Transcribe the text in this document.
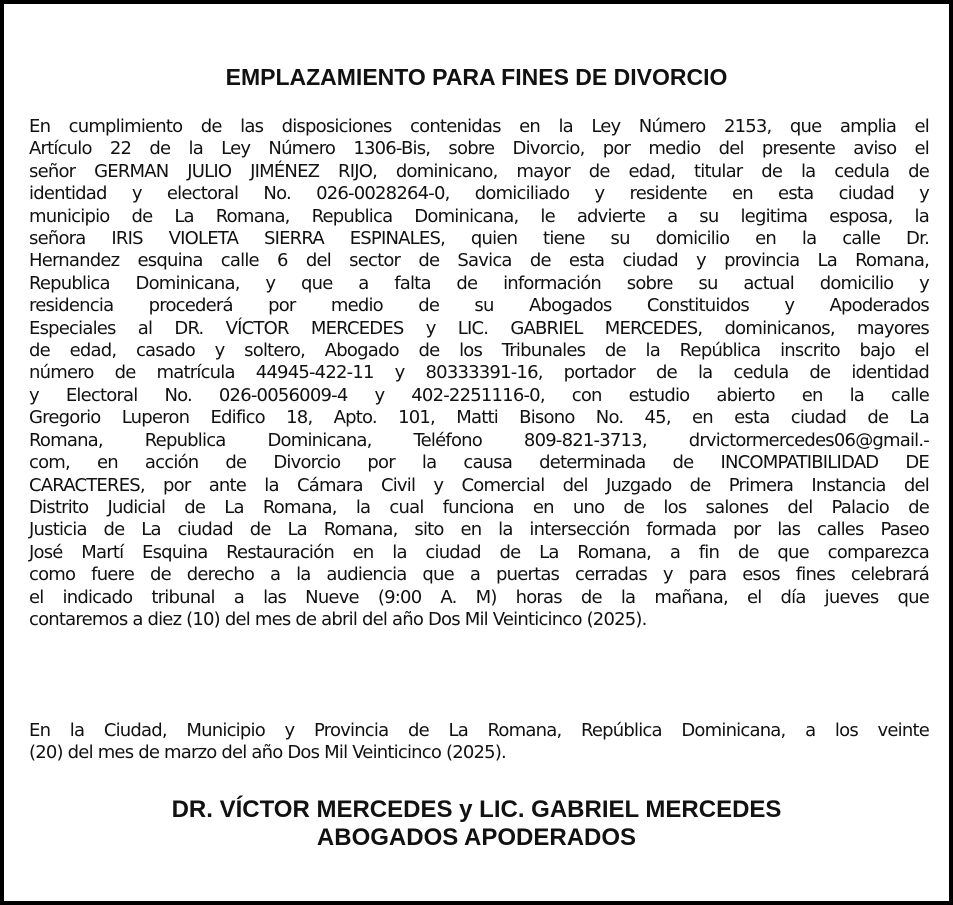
EMPLAZAMIENTO PARA FINES DE DIVORCIO

En cumplimiento de las disposiciones contenidas en la Ley Número 2153, que amplia el
Artículo 22 de la Ley Número 1306-Bis, sobre Divorcio, por medio del presente aviso el
señor GERMAN JULIO JIMÉNEZ RIJO, dominicano, mayor de edad, titular de la cedula de
identidad y electoral No. 026-0028264-0, domiciliado y residente en esta ciudad y
municipio de La Romana, Republica Dominicana, le advierte a su legitima esposa, la
señora IRIS VIOLETA SIERRA ESPINALES, quien tiene su domicilio en la calle Dr.
Hernandez esquina calle 6 del sector de Savica de esta ciudad y provincia La Romana,
Republica Dominicana, y que a falta de información sobre su actual domicilio y
residencia procederá por medio de su Abogados Constituidos y Apoderados
Especiales al DR. VÍCTOR MERCEDES y LIC. GABRIEL MERCEDES, dominicanos, mayores
de edad, casado y soltero, Abogado de los Tribunales de la República inscrito bajo el
número de matrícula 44945-422-11 y 80333391-16, portador de la cedula de identidad
y Electoral No. 026-0056009-4 y 402-2251116-0, con estudio abierto en la calle
Gregorio Luperon Edifico 18, Apto. 101, Matti Bisono No. 45, en esta ciudad de La
Romana, Republica Dominicana, Teléfono 809-821-3713, drvictormercedes06@gmail.-
com, en acción de Divorcio por la causa determinada de INCOMPATIBILIDAD DE
CARACTERES, por ante la Cámara Civil y Comercial del Juzgado de Primera Instancia del
Distrito Judicial de La Romana, la cual funciona en uno de los salones del Palacio de
Justicia de La ciudad de La Romana, sito en la intersección formada por las calles Paseo
José Martí Esquina Restauración en la ciudad de La Romana, a fin de que comparezca
como fuere de derecho a la audiencia que a puertas cerradas y para esos fines celebrará
el indicado tribunal a las Nueve (9:00 A. M) horas de la mañana, el día jueves que
contaremos a diez (10) del mes de abril del año Dos Mil Veinticinco (2025).

En la Ciudad, Municipio y Provincia de La Romana, República Dominicana, a los veinte
(20) del mes de marzo del año Dos Mil Veinticinco (2025).
DR. VÍCTOR MERCEDES y LIC. GABRIEL MERCEDES
ABOGADOS APODERADOS
